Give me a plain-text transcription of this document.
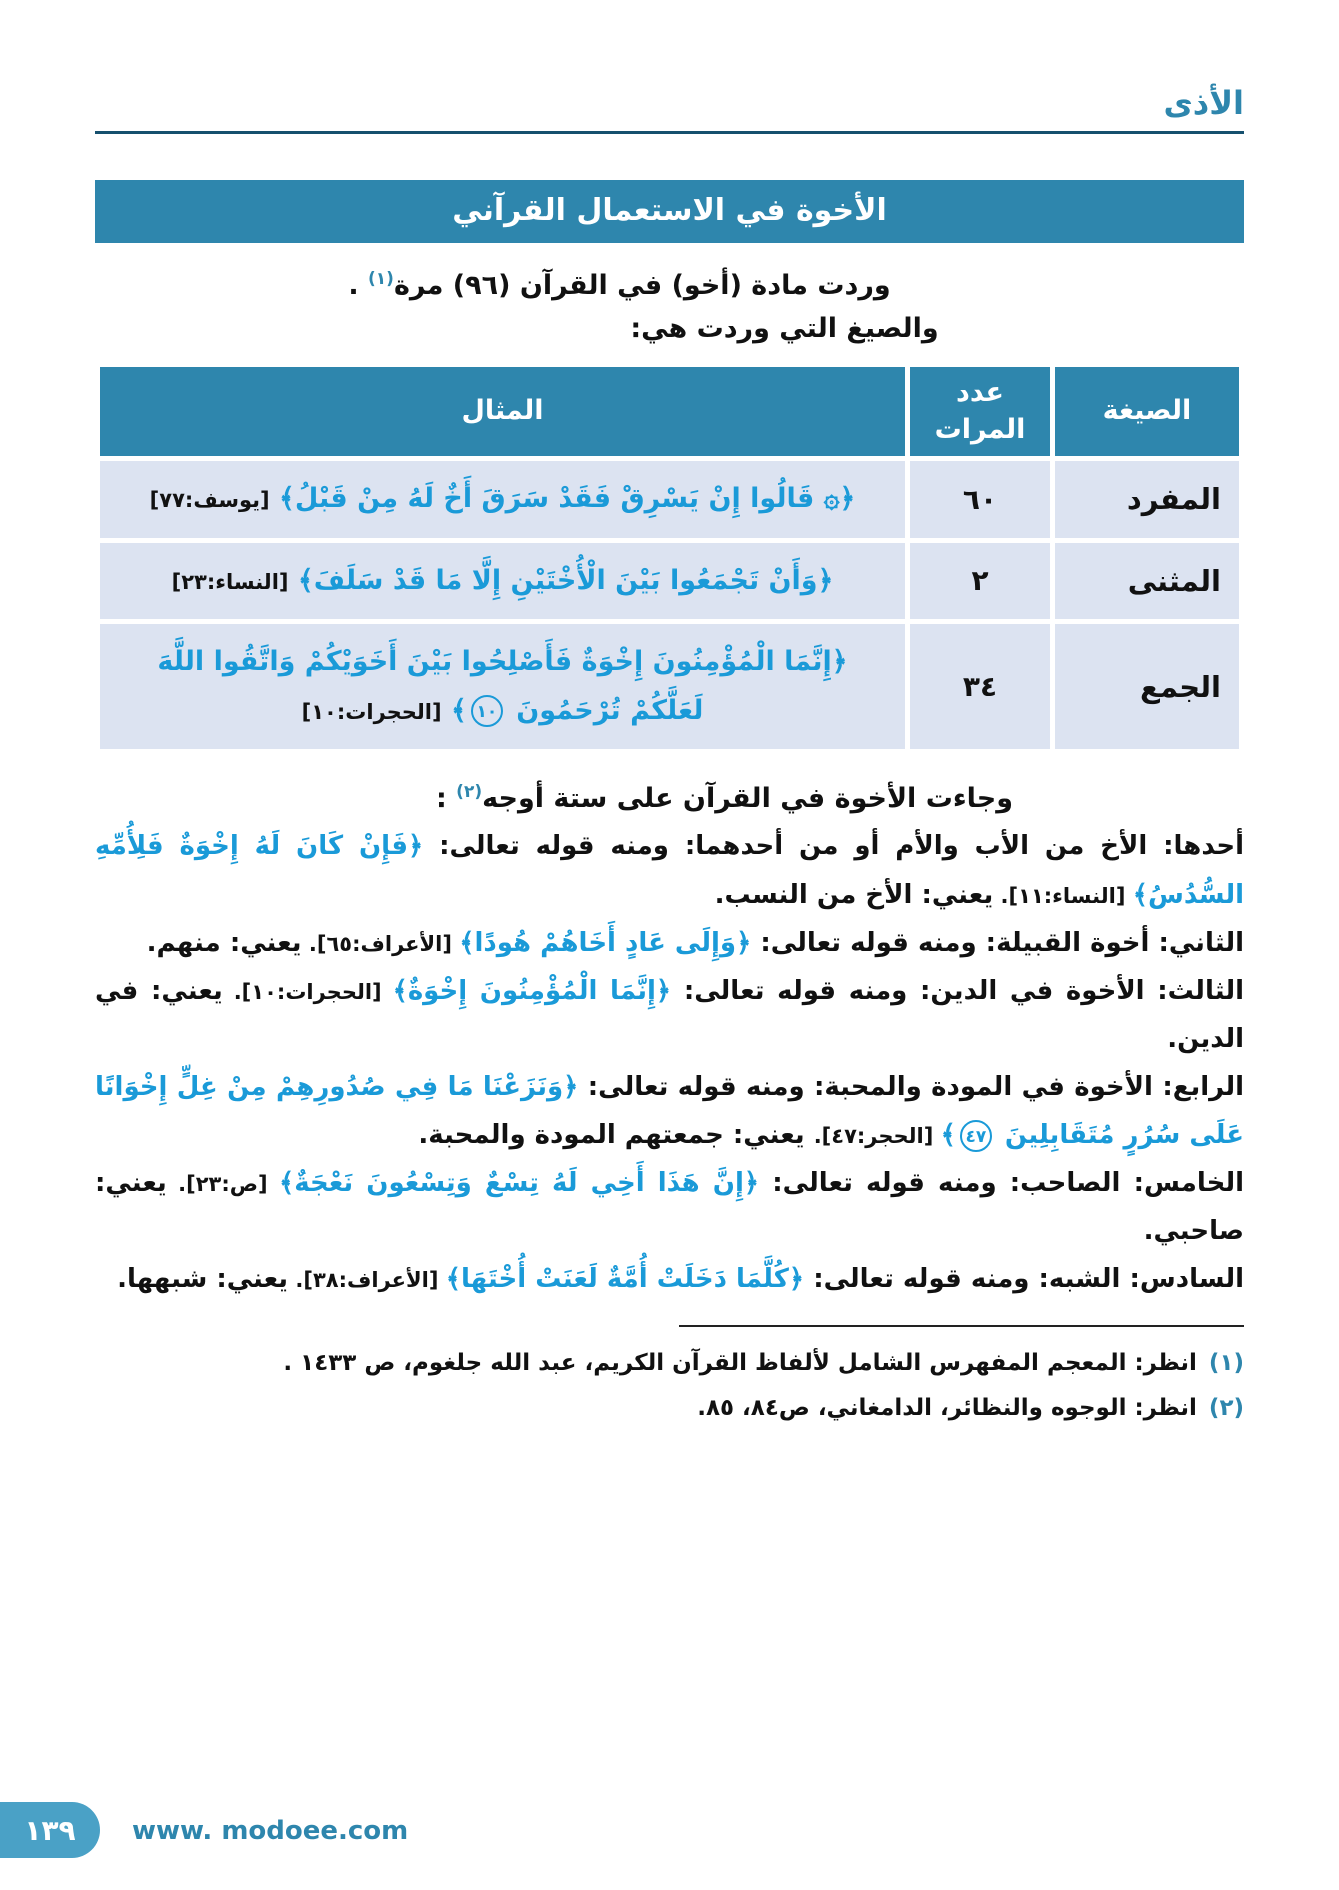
الأذى
الأخوة في الاستعمال القرآني

وردت مادة (أخو) في القرآن (٩٦) مرة$^{(١)}$ .

والصيغ التي وردت هي:

الصيغة	عدد المرات	المثال
المفرد	٦٠	﴿۞ قَالُوا إِنْ يَسْرِقْ فَقَدْ سَرَقَ أَخٌ لَهُ مِنْ قَبْلُ﴾ [يوسف:٧٧]
المثنى	٢	﴿وَأَنْ تَجْمَعُوا بَيْنَ الْأُخْتَيْنِ إِلَّا مَا قَدْ سَلَفَ﴾ [النساء:٢٣]
الجمع	٣٤	﴿إِنَّمَا الْمُؤْمِنُونَ إِخْوَةٌ فَأَصْلِحُوا بَيْنَ أَخَوَيْكُمْ وَاتَّقُوا اللَّهَ لَعَلَّكُمْ تُرْحَمُونَ ١٠﴾ [الحجرات:١٠]

وجاءت الأخوة في القرآن على ستة أوجه$^{(٢)}$ :

أحدها: الأخ من الأب والأم أو من أحدهما: ومنه قوله تعالى: ﴿فَإِنْ كَانَ لَهُ إِخْوَةٌ فَلِأُمِّهِ السُّدُسُ﴾ [النساء:١١]. يعني: الأخ من النسب.

الثاني: أخوة القبيلة: ومنه قوله تعالى: ﴿وَإِلَى عَادٍ أَخَاهُمْ هُودًا﴾ [الأعراف:٦٥]. يعني: منهم.

الثالث: الأخوة في الدين: ومنه قوله تعالى: ﴿إِنَّمَا الْمُؤْمِنُونَ إِخْوَةٌ﴾ [الحجرات:١٠]. يعني: في الدين.

الرابع: الأخوة في المودة والمحبة: ومنه قوله تعالى: ﴿وَنَزَعْنَا مَا فِي صُدُورِهِمْ مِنْ غِلٍّ إِخْوَانًا عَلَى سُرُرٍ مُتَقَابِلِينَ ٤٧﴾ [الحجر:٤٧]. يعني: جمعتهم المودة والمحبة.

الخامس: الصاحب: ومنه قوله تعالى: ﴿إِنَّ هَذَا أَخِي لَهُ تِسْعٌ وَتِسْعُونَ نَعْجَةٌ﴾ [ص:٢٣]. يعني: صاحبي.

السادس: الشبه: ومنه قوله تعالى: ﴿كُلَّمَا دَخَلَتْ أُمَّةٌ لَعَنَتْ أُخْتَهَا﴾ [الأعراف:٣٨]. يعني: شبهها.

(١)انظر: المعجم المفهرس الشامل لألفاظ القرآن الكريم، عبد الله جلغوم، ص ١٤٣٣ .
(٢)انظر: الوجوه والنظائر، الدامغاني، ص٨٤، ٨٥.
١٣٩ www. modoee.com
